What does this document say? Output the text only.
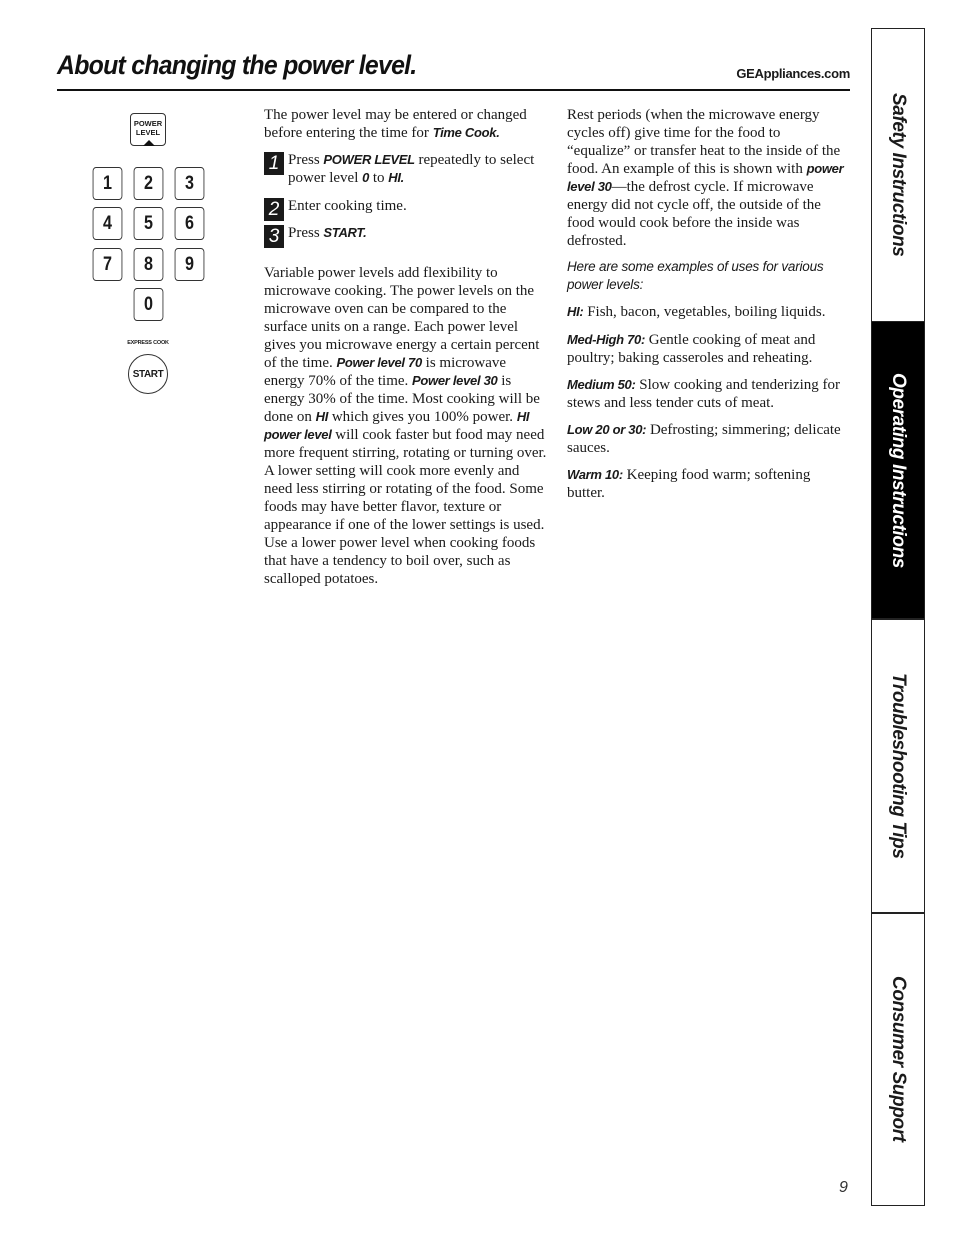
About changing the power level.	GEAppliances.com
POWER
LEVEL
1	2	3
4	5	6
7	8	9
0
EXPRESS COOK
START

The power level may be entered or changed before entering the time for Time Cook.

1 Press POWER LEVEL repeatedly to select power level 0 to HI.

2 Enter cooking time.

3 Press START.

Variable power levels add flexibility to microwave cooking. The power levels on the microwave oven can be compared to the surface units on a range. Each power level gives you microwave energy a certain percent of the time. Power level 70 is microwave energy 70% of the time. Power level 30 is energy 30% of the time. Most cooking will be done on HI which gives you 100% power. HI power level will cook faster but food may need more frequent stirring, rotating or turning over. A lower setting will cook more evenly and need less stirring or rotating of the food. Some foods may have better flavor, texture or appearance if one of the lower settings is used. Use a lower power level when cooking foods that have a tendency to boil over, such as scalloped potatoes.

Rest periods (when the microwave energy cycles off) give time for the food to “equalize” or transfer heat to the inside of the food. An example of this is shown with power level 30—the defrost cycle. If microwave energy did not cycle off, the outside of the food would cook before the inside was defrosted.

Here are some examples of uses for various power levels:

HI: Fish, bacon, vegetables, boiling liquids.

Med-High 70: Gentle cooking of meat and poultry; baking casseroles and reheating.

Medium 50: Slow cooking and tenderizing for stews and less tender cuts of meat.

Low 20 or 30: Defrosting; simmering; delicate sauces.

Warm 10: Keeping food warm; softening butter.

Safety Instructions
Operating Instructions
Troubleshooting Tips
Consumer Support
9
